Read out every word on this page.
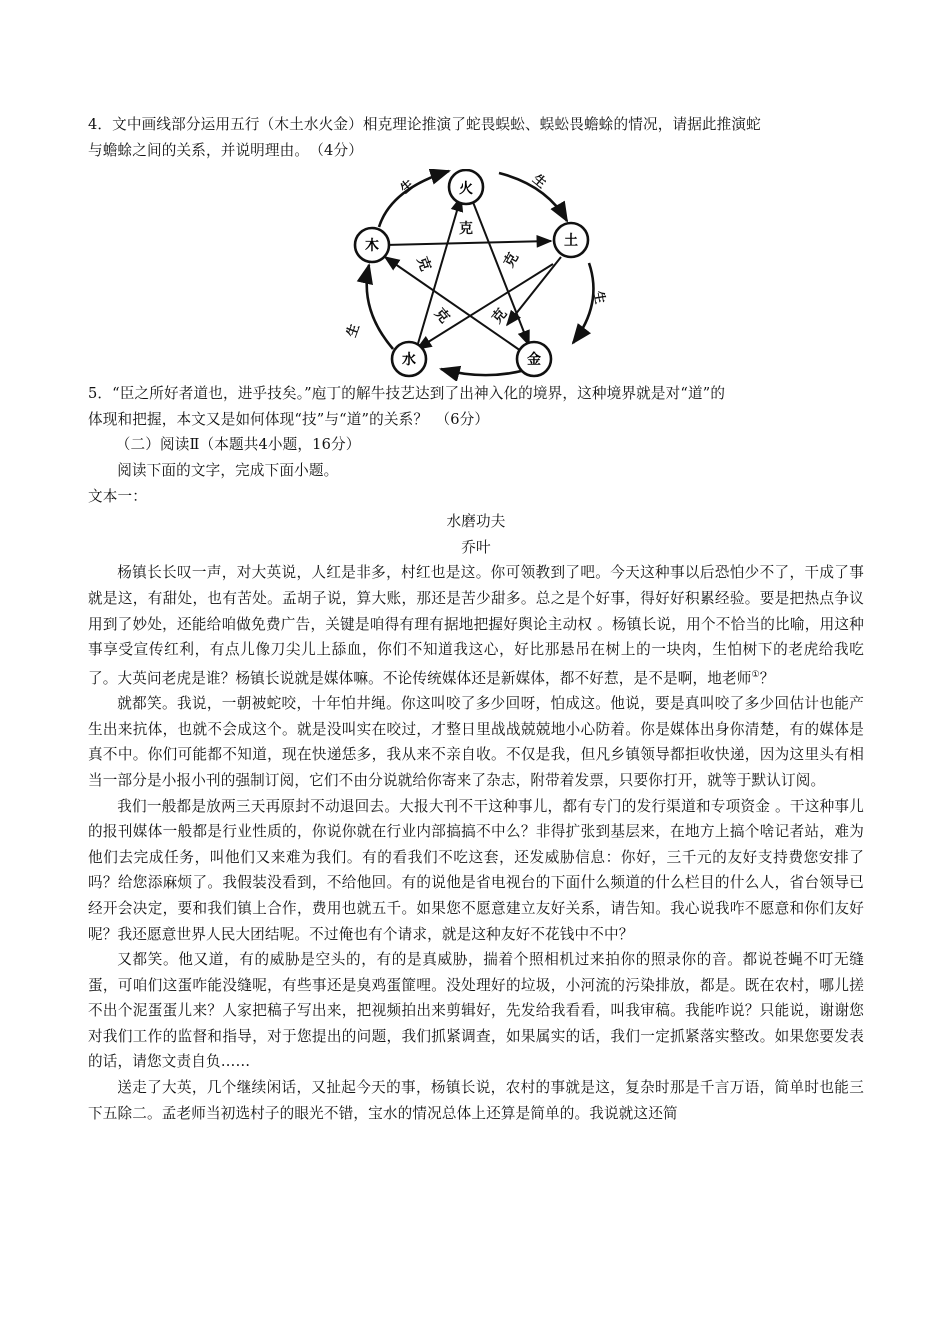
4．文中画线部分运用五行（木土水火金）相克理论推演了蛇畏蜈蚣、蜈蚣畏蟾蜍的情况，请据此推演蛇
与蟾蜍之间的关系，并说明理由。　（4分）

克
克	克
克	克
生	生
生
生
火
土
金
水
木

5．“臣之所好者道也，进乎技矣。”庖丁的解牛技艺达到了出神入化的境界，这种境界就是对“道”的
体现和把握，本文又是如何体现“技”与“道”的关系？　（6分）

（二）阅读Ⅱ（本题共4小题，16分）

阅读下面的文字，完成下面小题。

文本一：

水磨功夫

乔叶

杨镇长长叹一声，对大英说，人红是非多，村红也是这。你可领教到了吧。今天这种事以后恐怕少不了，干成了事就是这，有甜处，也有苦处。孟胡子说，算大账，那还是苦少甜多。总之是个好事，得好好积累经验。要是把热点争议用到了妙处，还能给咱做免费广告，关键是咱得有理有据地把握好舆论主动权 。杨镇长说，用个不恰当的比喻，用这种事享受宣传红利，有点儿像刀尖儿上舔血，你们不知道我这心，好比那悬吊在树上的一块肉，生怕树下的老虎给我吃了。大英问老虎是谁？杨镇长说就是媒体嘛。不论传统媒体还是新媒体，都不好惹，是不是啊，地老师①？

就都笑。我说，一朝被蛇咬，十年怕井绳。你这叫咬了多少回呀，怕成这。他说，要是真叫咬了多少回估计也能产生出来抗体，也就不会成这个。就是没叫实在咬过，才整日里战战兢兢地小心防着。你是媒体出身你清楚，有的媒体是真不中。你们可能都不知道，现在快递恁多，我从来不亲自收。不仅是我，但凡乡镇领导都拒收快递，因为这里头有相当一部分是小报小刊的强制订阅，它们不由分说就给你寄来了杂志，附带着发票，只要你打开，就等于默认订阅。

我们一般都是放两三天再原封不动退回去。大报大刊不干这种事儿，都有专门的发行渠道和专项资金 。干这种事儿的报刊媒体一般都是行业性质的，你说你就在行业内部搞搞不中么？非得扩张到基层来，在地方上搞个啥记者站，难为他们去完成任务，叫他们又来难为我们。有的看我们不吃这套，还发威胁信息：你好，三千元的友好支持费您安排了吗？给您添麻烦了。我假装没看到，不给他回。有的说他是省电视台的下面什么频道的什么栏目的什么人，省台领导已经开会决定，要和我们镇上合作，费用也就五千。如果您不愿意建立友好关系，请告知。我心说我咋不愿意和你们友好呢？我还愿意世界人民大团结呢。不过俺也有个请求，就是这种友好不花钱中不中？

又都笑。他又道，有的威胁是空头的，有的是真威胁，揣着个照相机过来拍你的照录你的音。都说苍蝇不叮无缝蛋，可咱们这蛋咋能没缝呢，有些事还是臭鸡蛋篚哩。没处理好的垃圾，小河流的污染排放，都是。既在农村，哪儿搓不出个泥蛋蛋儿来？人家把稿子写出来，把视频拍出来剪辑好，先发给我看看，叫我审稿。我能咋说？只能说，谢谢您对我们工作的监督和指导，对于您提出的问题，我们抓紧调查，如果属实的话，我们一定抓紧落实整改。如果您要发表的话，请您文责自负……

送走了大英，几个继续闲话，又扯起今天的事，杨镇长说，农村的事就是这，复杂时那是千言万语，简单时也能三下五除二。孟老师当初选村子的眼光不错，宝水的情况总体上还算是简单的。我说就这还简
